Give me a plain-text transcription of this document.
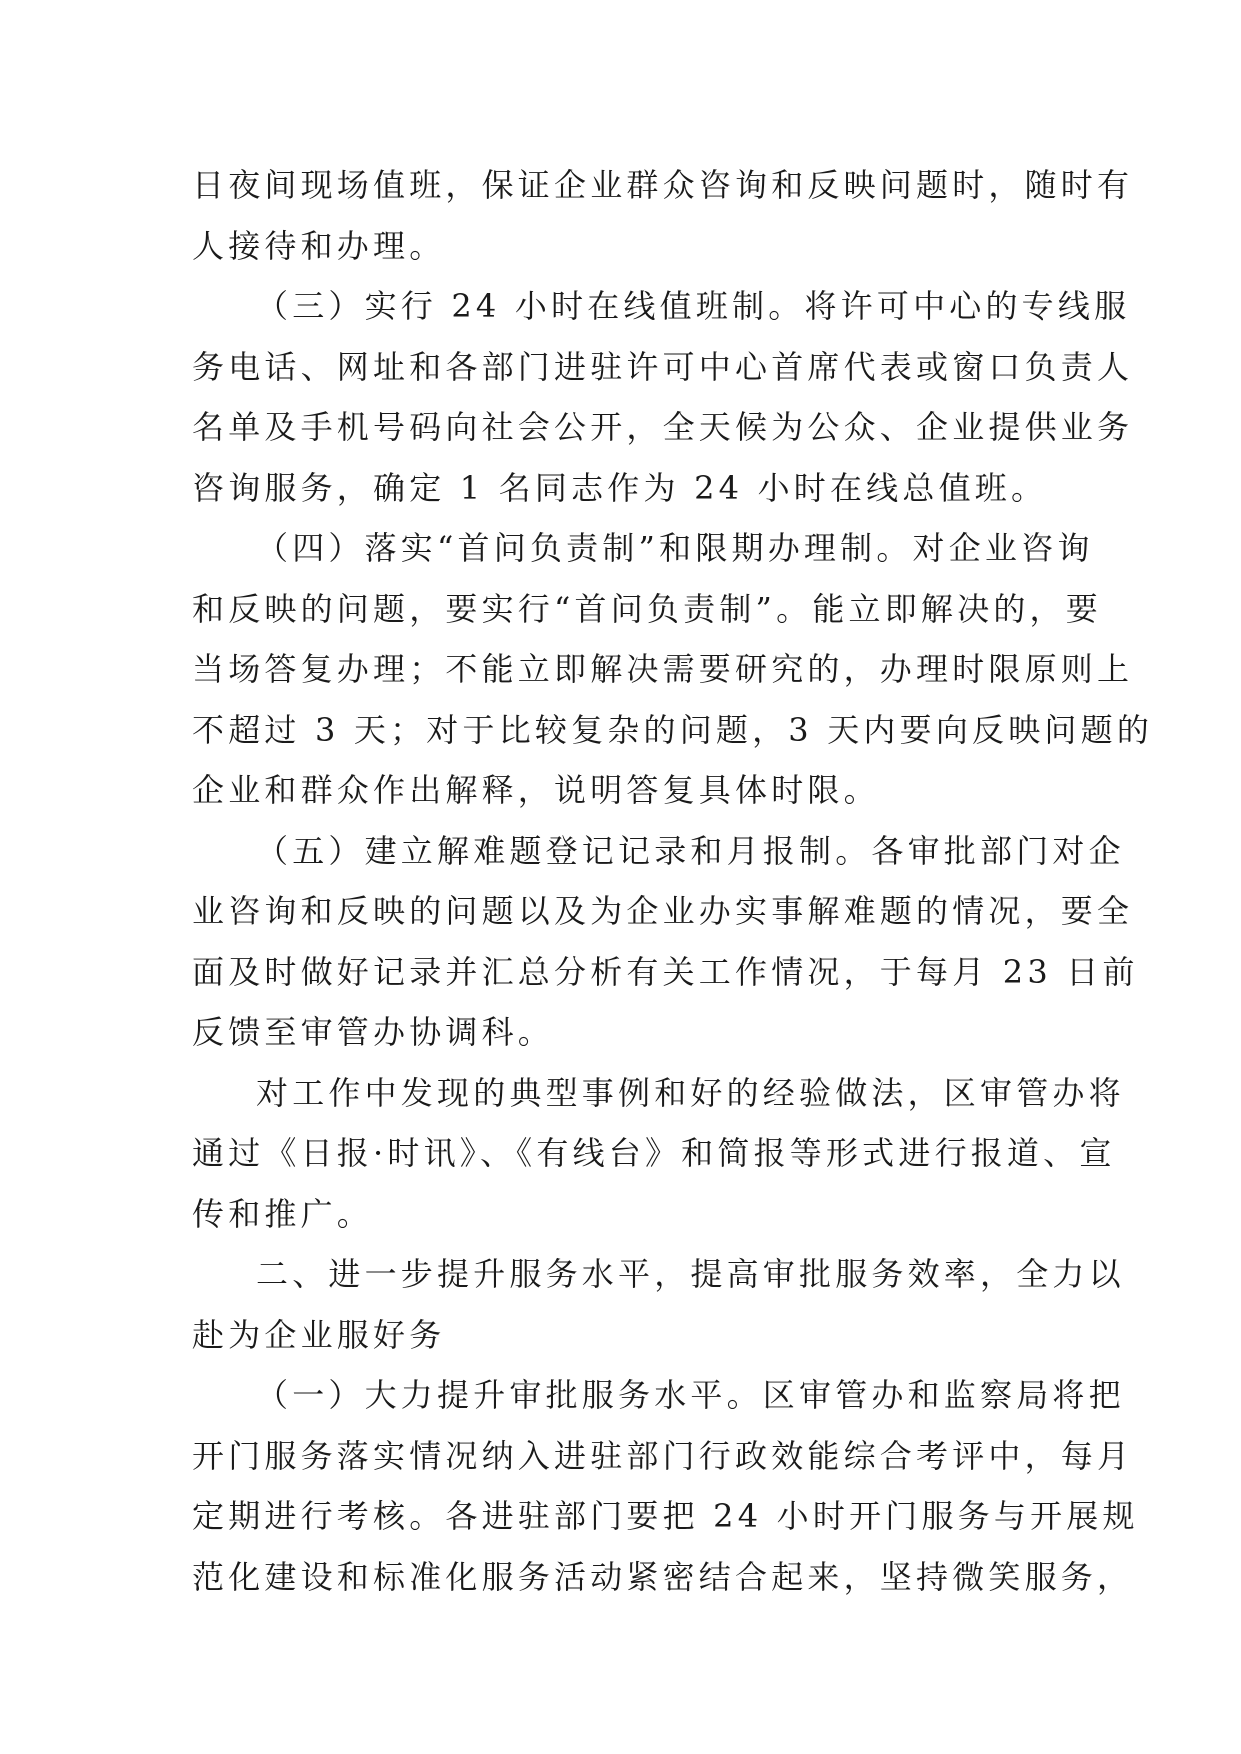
日夜间现场值班，保证企业群众咨询和反映问题时，随时有
人接待和办理。
（三）实行 24 小时在线值班制。将许可中心的专线服
务电话、网址和各部门进驻许可中心首席代表或窗口负责人
名单及手机号码向社会公开，全天候为公众、企业提供业务
咨询服务，确定 1 名同志作为 24 小时在线总值班。
（四）落实“首问负责制”和限期办理制。对企业咨询
和反映的问题，要实行“首问负责制”。能立即解决的，要
当场答复办理；不能立即解决需要研究的，办理时限原则上
不超过 3 天；对于比较复杂的问题，3 天内要向反映问题的
企业和群众作出解释，说明答复具体时限。
（五）建立解难题登记记录和月报制。各审批部门对企
业咨询和反映的问题以及为企业办实事解难题的情况，要全
面及时做好记录并汇总分析有关工作情况，于每月 23 日前
反馈至审管办协调科。
对工作中发现的典型事例和好的经验做法，区审管办将
通过《日报·时讯》、《有线台》和简报等形式进行报道、宣
传和推广。
二、进一步提升服务水平，提高审批服务效率，全力以
赴为企业服好务
（一）大力提升审批服务水平。区审管办和监察局将把
开门服务落实情况纳入进驻部门行政效能综合考评中，每月
定期进行考核。各进驻部门要把 24 小时开门服务与开展规
范化建设和标准化服务活动紧密结合起来，坚持微笑服务，
